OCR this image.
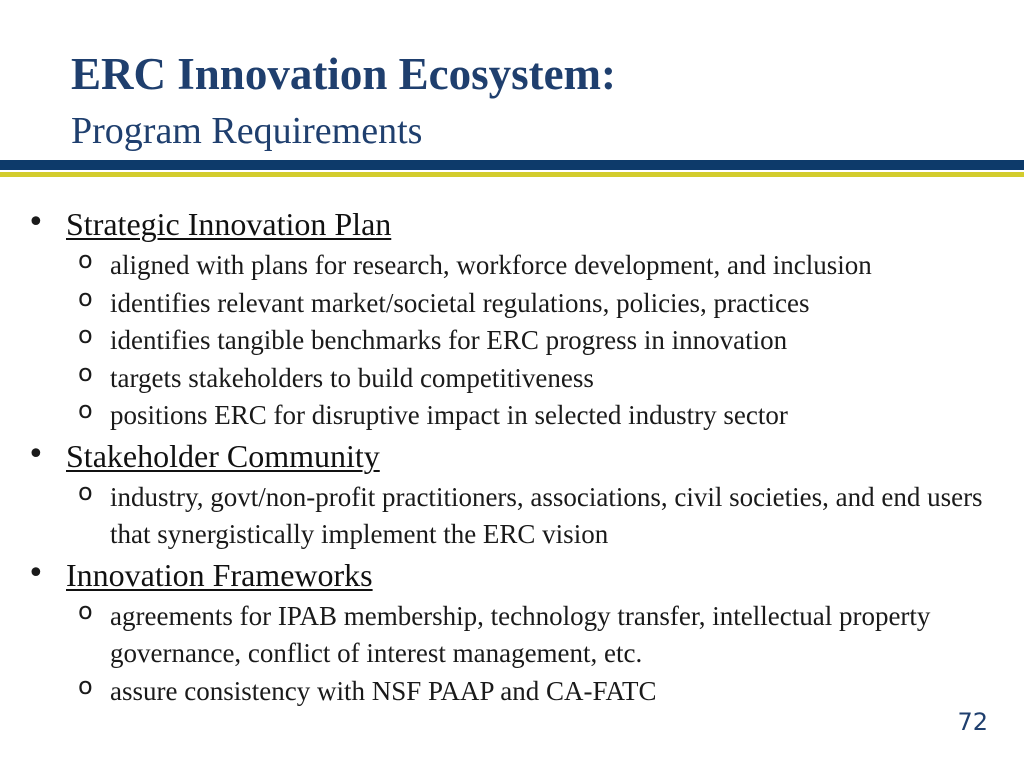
ERC Innovation Ecosystem:
Program Requirements
• Strategic Innovation Plan
o aligned with plans for research, workforce development, and inclusion
o identifies relevant market/societal regulations, policies, practices
o identifies tangible benchmarks for ERC progress in innovation
o targets stakeholders to build competitiveness
o positions ERC for disruptive impact in selected industry sector
• Stakeholder Community
o industry, govt/non-profit practitioners, associations, civil societies, and end users that synergistically implement the ERC vision
• Innovation Frameworks
o agreements for IPAB membership, technology transfer, intellectual property governance, conflict of interest management, etc.
o assure consistency with NSF PAAP and CA-FATC
72
